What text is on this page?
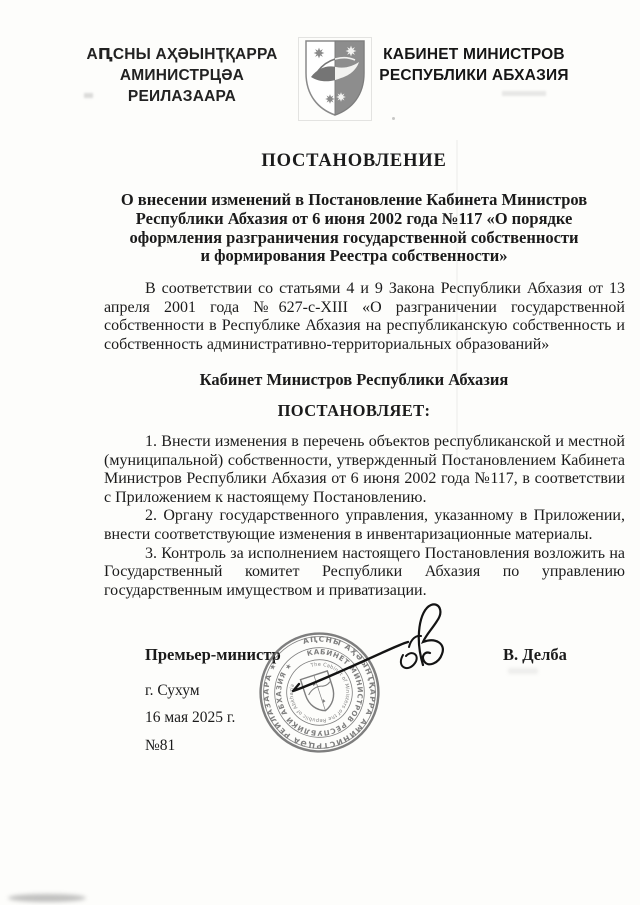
АԤСНЫ АҲӘЫНҬҚАРРА
АМИНИСТРЦӘА РЕИЛАЗААРА
КАБИНЕТ МИНИСТРОВ
РЕСПУБЛИКИ АБХАЗИЯ
ПОСТАНОВЛЕНИЕ
О внесении изменений в Постановление Кабинета Министров
Республики Абхазия от 6 июня 2002 года №117 «О порядке
оформления разграничения государственной собственности
и формирования Реестра собственности»

В соответствии со статьями 4 и 9 Закона Республики Абхазия от 13 апреля 2001 года №627-с-XIII «О разграничении государственной собственности в Республике Абхазия на республиканскую собственность и собственность административно-территориальных образований»

Кабинет Министров Республики Абхазия
ПОСТАНОВЛЯЕТ:

1. Внести изменения в перечень объектов республиканской и местной (муниципальной) собственности, утвержденный Постановлением Кабинета Министров Республики Абхазия от 6 июня 2002 года №117, в соответствии с Приложением к настоящему Постановлению.

2. Органу государственного управления, указанному в Приложении, внести соответствующие изменения в инвентаризационные материалы.

3. Контроль за исполнением настоящего Постановления возложить на Государственный комитет Республики Абхазия по управлению государственным имуществом и приватизации.

Премьер-министр	В. Делба
АԤСНЫ АҲӘЫНҬҚАРРА АМИНИСТРЦӘА РЕИЛАЗААРА ★
КАБИНЕТ МИНИСТРОВ РЕСПУБЛИКИ АБХАЗИЯ ★	The Cabinet of Ministers of the Republic of Abkhazia
г. Сухум
16 мая 2025 г.
№81
